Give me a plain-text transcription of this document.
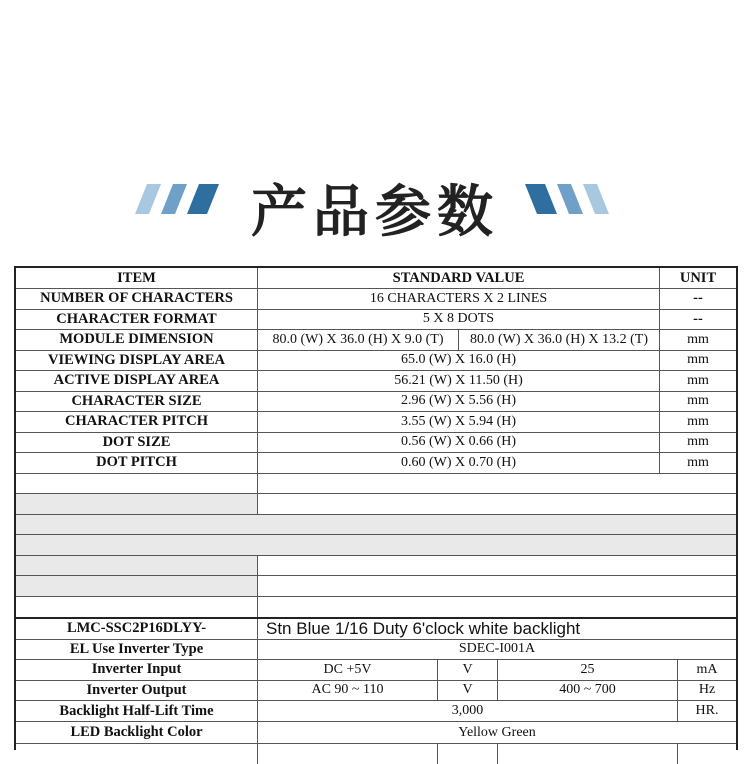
产品参数
ITEM	STANDARD VALUE	UNIT
NUMBER OF CHARACTERS	16 CHARACTERS X 2 LINES	--
CHARACTER FORMAT	5 X 8 DOTS	--
MODULE DIMENSION	80.0 (W) X 36.0 (H) X 9.0 (T)	80.0 (W) X 36.0 (H) X 13.2 (T)	mm
VIEWING DISPLAY AREA	65.0 (W) X 16.0 (H)	mm
ACTIVE DISPLAY AREA	56.21 (W) X 11.50 (H)	mm
CHARACTER SIZE	2.96 (W) X 5.56 (H)	mm
CHARACTER PITCH	3.55 (W) X 5.94 (H)	mm
DOT SIZE	0.56 (W) X 0.66 (H)	mm
DOT PITCH	0.60 (W) X 0.70 (H)	mm
LMC-SSC2P16DLYY-	Stn Blue 1/16 Duty 6'clock white backlight
EL Use Inverter Type	SDEC-I001A
Inverter Input	DC +5V	V	25	mA
Inverter Output	AC 90 ~ 110	V	400 ~ 700	Hz
Backlight Half-Lift Time	3,000	HR.
LED Backlight Color	Yellow Green
